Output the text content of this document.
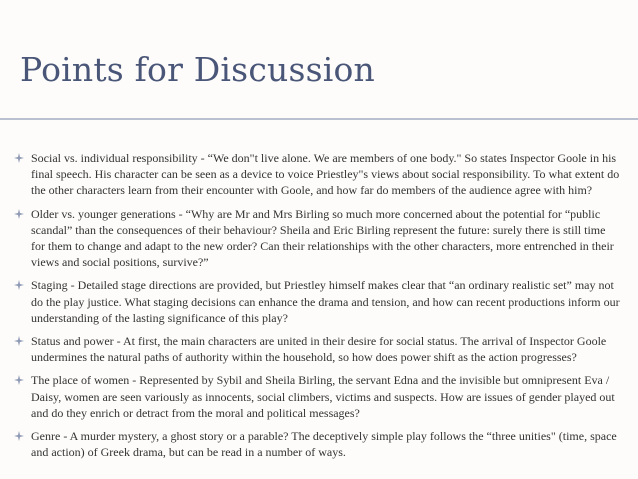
Points for Discussion
Social vs. individual responsibility - “We don"t live alone. We are members of one body." So states Inspector Goole in his final speech. His character can be seen as a device to voice Priestley"s views about social responsibility. To what extent do the other characters learn from their encounter with Goole, and how far do members of the audience agree with him?
Older vs. younger generations - “Why are Mr and Mrs Birling so much more concerned about the potential for “public scandal” than the consequences of their behaviour? Sheila and Eric Birling represent the future: surely there is still time for them to change and adapt to the new order? Can their relationships with the other characters, more entrenched in their views and social positions, survive?”
Staging - Detailed stage directions are provided, but Priestley himself makes clear that “an ordinary realistic set” may not do the play justice. What staging decisions can enhance the drama and tension, and how can recent productions inform our understanding of the lasting significance of this play?
Status and power - At first, the main characters are united in their desire for social status. The arrival of Inspector Goole undermines the natural paths of authority within the household, so how does power shift as the action progresses?
The place of women - Represented by Sybil and Sheila Birling, the servant Edna and the invisible but omnipresent Eva / Daisy, women are seen variously as innocents, social climbers, victims and suspects. How are issues of gender played out and do they enrich or detract from the moral and political messages?
Genre - A murder mystery, a ghost story or a parable? The deceptively simple play follows the “three unities" (time, space and action) of Greek drama, but can be read in a number of ways.
